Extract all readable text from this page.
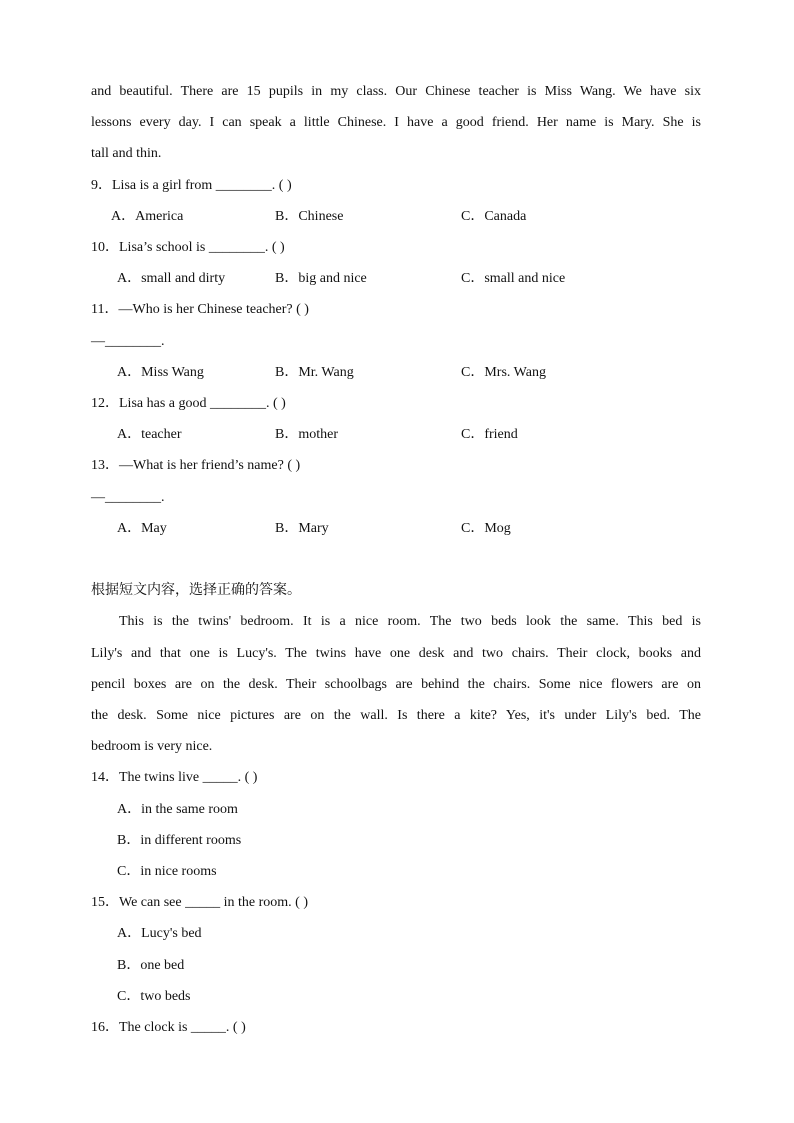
and beautiful. There are 15 pupils in my class. Our Chinese teacher is Miss Wang. We have six
lessons every day. I can speak a little Chinese. I have a good friend. Her name is Mary. She is
tall and thin.
9．Lisa is a girl from ________. ( )
A．America	B．Chinese	C．Canada
10．Lisa’s school is ________. ( )
A．small and dirty	B．big and nice	C．small and nice
11．—Who is her Chinese teacher? ( )
—________.
A．Miss Wang	B．Mr. Wang	C．Mrs. Wang
12．Lisa has a good ________. ( )
A．teacher	B．mother	C．friend
13．—What is her friend’s name? ( )
—________.
A．May	B．Mary	C．Mog
根据短文内容，选择正确的答案。
This is the twins' bedroom. It is a nice room. The two beds look the same. This bed is
Lily's and that one is Lucy's. The twins have one desk and two chairs. Their clock, books and
pencil boxes are on the desk. Their schoolbags are behind the chairs. Some nice flowers are on
the desk. Some nice pictures are on the wall. Is there a kite? Yes, it's under Lily's bed. The
bedroom is very nice.
14．The twins live _____. ( )
A．in the same room
B．in different rooms
C．in nice rooms
15．We can see _____ in the room. ( )
A．Lucy's bed
B．one bed
C．two beds
16．The clock is _____. ( )
